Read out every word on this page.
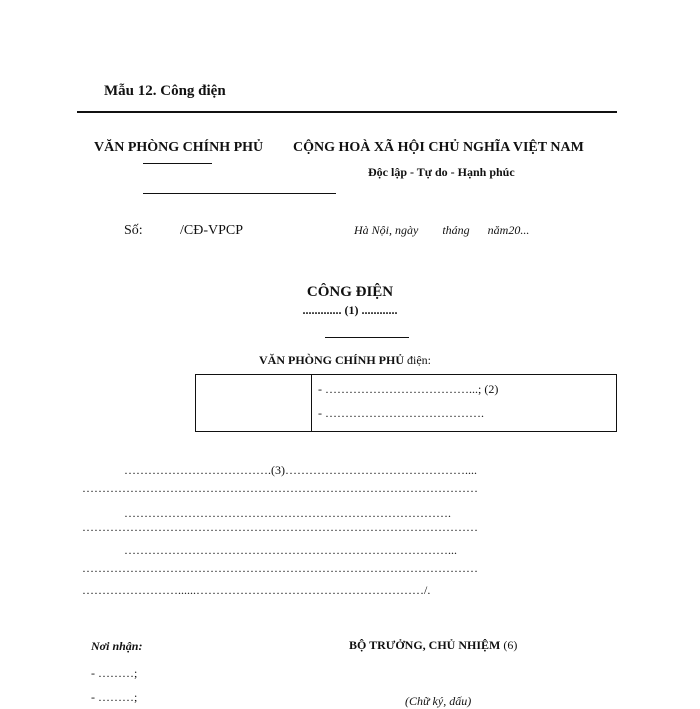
Mẫu 12. Công điện
VĂN PHÒNG CHÍNH PHỦ CỘNG HOÀ XÃ HỘI CHỦ NGHĨA VIỆT NAM
Độc lập - Tự do - Hạnh phúc
Số:	/CĐ-VPCP	Hà Nội, ngày        tháng      năm20...
CÔNG ĐIỆN
............. (1) ............
VĂN PHÒNG CHÍNH PHỦ điện:
- ………………………………...; (2)
- ………………………………….
……………………………….(3)………………………………………....
………………………………………………………………………………………
……………………………………………………………………….
………………………………………………………………………………………
………………………………………………………………………...
………………………………………………………………………………………
……………………......…………………………………………………/.
Nơi nhận:	BỘ TRƯỞNG, CHỦ NHIỆM (6)
- ………;
- ………;	(Chữ ký, dấu)
